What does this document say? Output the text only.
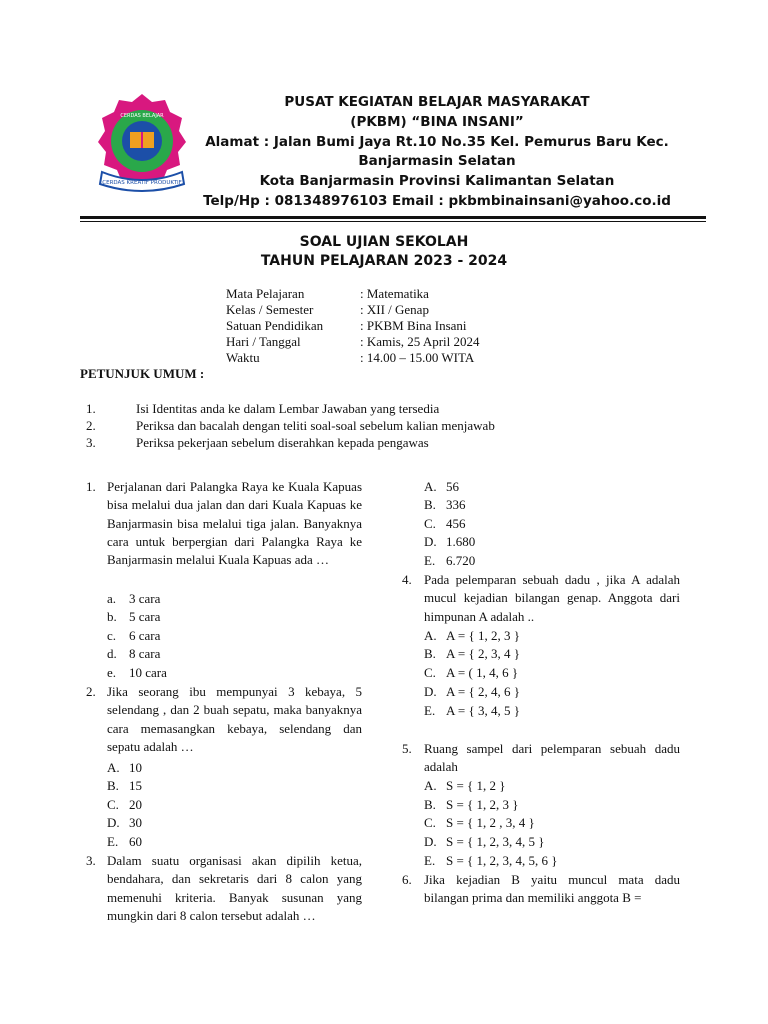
CERDAS KREATIF PRODUKTIF
CERDAS BELAJAR
PUSAT KEGIATAN BELAJAR MASYARAKAT
(PKBM) “BINA INSANI”
Alamat : Jalan Bumi Jaya Rt.10 No.35 Kel. Pemurus Baru Kec.
Banjarmasin Selatan
Kota Banjarmasin Provinsi Kalimantan Selatan
Telp/Hp : 081348976103 Email : pkbmbinainsani@yahoo.co.id
SOAL UJIAN SEKOLAH
TAHUN PELAJARAN 2023 - 2024
Mata Pelajaran	: Matematika
Kelas / Semester	: XII / Genap
Satuan Pendidikan	: PKBM Bina Insani
Hari / Tanggal	: Kamis, 25 April 2024
Waktu	: 14.00 – 15.00 WITA
PETUNJUK UMUM :
1.	Isi Identitas anda ke dalam Lembar Jawaban yang tersedia
2.	Periksa dan bacalah dengan teliti soal-soal sebelum kalian menjawab
3.	Periksa pekerjaan sebelum diserahkan kepada pengawas
1. Perjalanan dari Palangka Raya ke Kuala Kapuas bisa melalui dua jalan dan dari Kuala Kapuas ke Banjarmasin bisa melalui tiga jalan. Banyaknya cara untuk berpergian dari Palangka Raya ke Banjarmasin melalui Kuala Kapuas ada …
a. 3 cara
b. 5 cara
c. 6 cara
d. 8 cara
e. 10 cara
2. Jika seorang ibu mempunyai 3 kebaya, 5 selendang , dan 2 buah sepatu, maka banyaknya cara memasangkan kebaya, selendang dan sepatu adalah …
A. 10
B. 15
C. 20
D. 30
E. 60
3. Dalam suatu organisasi akan dipilih ketua, bendahara, dan sekretaris dari 8 calon yang memenuhi kriteria. Banyak susunan yang mungkin dari 8 calon tersebut adalah …
A. 56
B. 336
C. 456
D. 1.680
E. 6.720
4. Pada pelemparan sebuah dadu , jika A adalah mucul kejadian bilangan genap. Anggota dari himpunan A adalah ..
A. A = { 1, 2, 3 }
B. A = { 2, 3, 4 }
C. A = ( 1, 4, 6 }
D. A = { 2, 4, 6 }
E. A = { 3, 4, 5 }
5. Ruang sampel dari pelemparan sebuah dadu adalah
A. S = { 1, 2 }
B. S = { 1, 2, 3 }
C. S = { 1, 2 , 3, 4 }
D. S = { 1, 2, 3, 4, 5 }
E. S = { 1, 2, 3, 4, 5, 6 }
6. Jika kejadian B yaitu muncul mata dadu bilangan prima dan memiliki anggota B =
